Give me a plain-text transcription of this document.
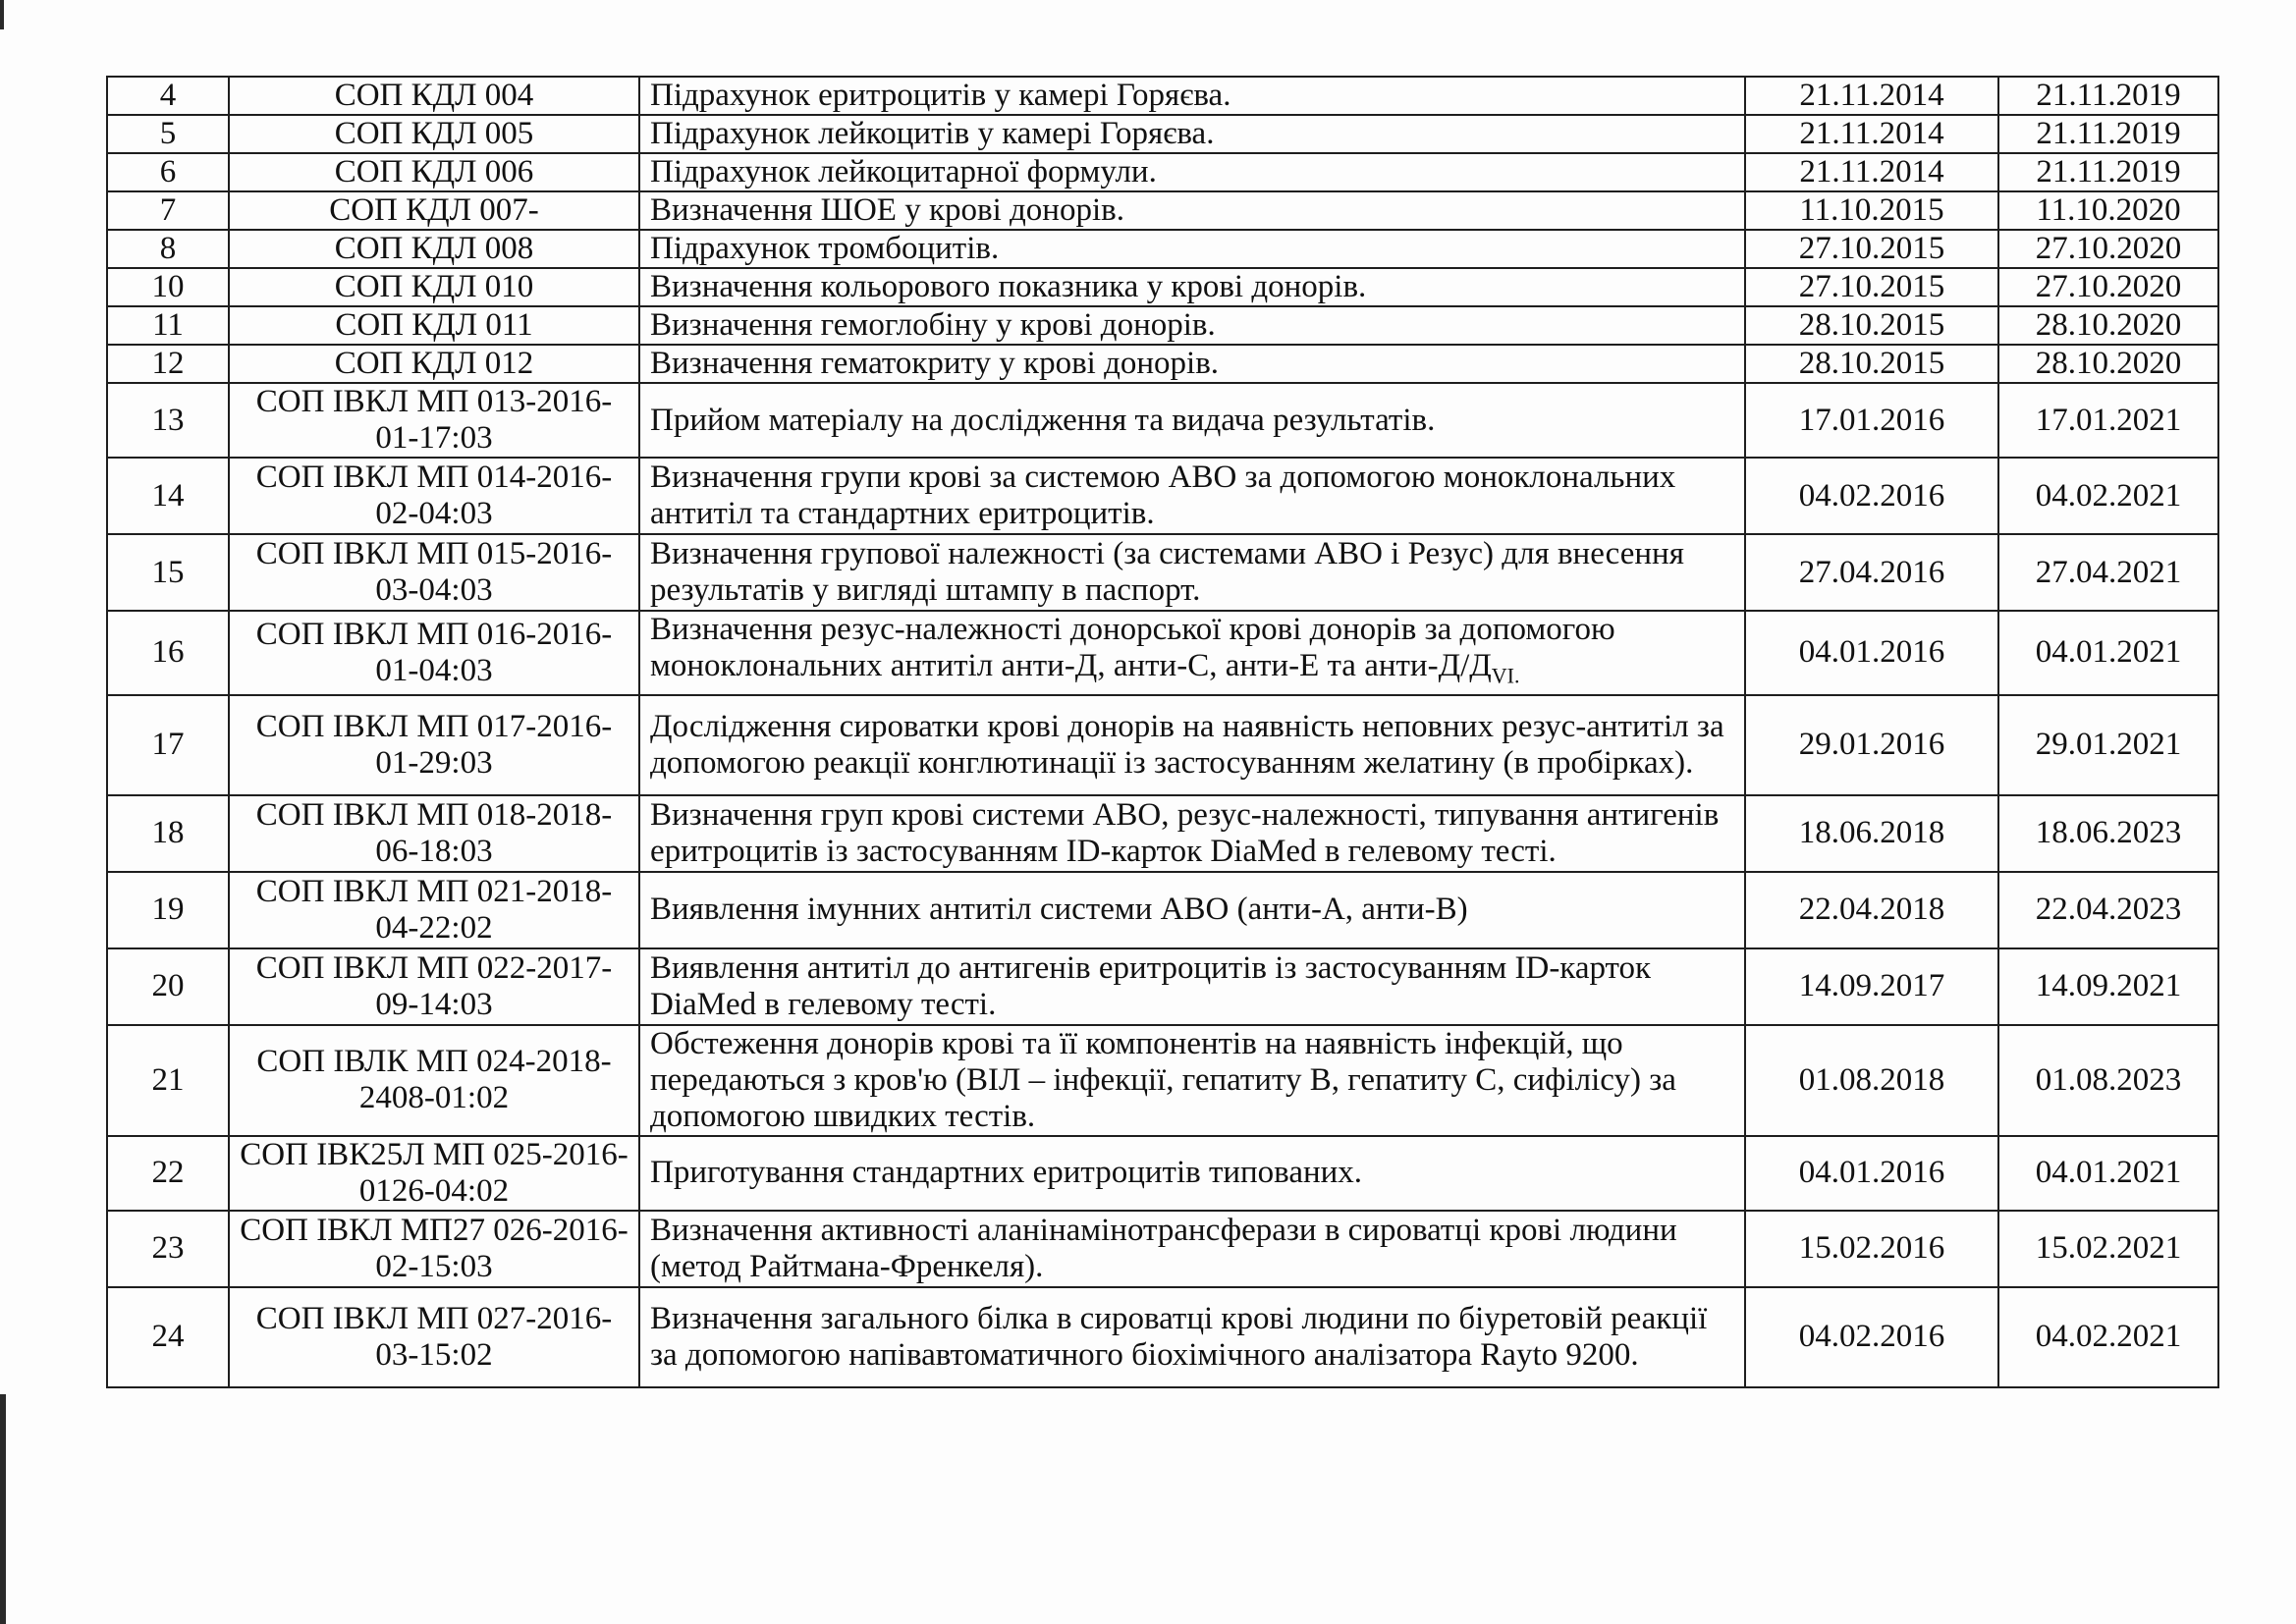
4	СОП КДЛ 004	Підрахунок еритроцитів у камері Горяєва.	21.11.2014	21.11.2019
5	СОП КДЛ 005	Підрахунок лейкоцитів у камері Горяєва.	21.11.2014	21.11.2019
6	СОП КДЛ 006	Підрахунок лейкоцитарної формули.	21.11.2014	21.11.2019
7	СОП КДЛ 007-	Визначення ШОЕ у крові донорів.	11.10.2015	11.10.2020
8	СОП КДЛ 008	Підрахунок тромбоцитів.	27.10.2015	27.10.2020
10	СОП КДЛ 010	Визначення кольорового показника у крові донорів.	27.10.2015	27.10.2020
11	СОП КДЛ 011	Визначення гемоглобіну у крові донорів.	28.10.2015	28.10.2020
12	СОП КДЛ 012	Визначення гематокриту у крові донорів.	28.10.2015	28.10.2020
13	СОП ІВКЛ МП 013-2016-01-17:03	Прийом матеріалу на дослідження та видача результатів.	17.01.2016	17.01.2021
14	СОП ІВКЛ МП 014-2016-02-04:03	Визначення групи крові за системою АВО за допомогою моноклональних антитіл та стандартних еритроцитів.	04.02.2016	04.02.2021
15	СОП ІВКЛ МП 015-2016-03-04:03	Визначення групової належності (за системами АВО і Резус) для внесення результатів у вигляді штампу в паспорт.	27.04.2016	27.04.2021
16	СОП ІВКЛ МП 016-2016-01-04:03	Визначення резус-належності донорської крові донорів за допомогою моноклональних антитіл анти-Д, анти-С, анти-Е та анти-$Д/Д_{VI.}$	04.01.2016	04.01.2021
17	СОП ІВКЛ МП 017-2016-01-29:03	Дослідження сироватки крові донорів на наявність неповних резус-антитіл за допомогою реакції конглютинації із застосуванням желатину (в пробірках).	29.01.2016	29.01.2021
18	СОП ІВКЛ МП 018-2018-06-18:03	Визначення груп крові системи АВО, резус-належності, типування антигенів еритроцитів із застосуванням ID-карток DiaMed в гелевому тесті.	18.06.2018	18.06.2023
19	СОП ІВКЛ МП 021-2018-04-22:02	Виявлення імунних антитіл системи АВО (анти-А, анти-В)	22.04.2018	22.04.2023
20	СОП ІВКЛ МП 022-2017-09-14:03	Виявлення антитіл до антигенів еритроцитів із застосуванням ID-карток DiaMed в гелевому тесті.	14.09.2017	14.09.2021
21	СОП ІВЛК МП 024-2018-2408-01:02	Обстеження донорів крові та її компонентів на наявність інфекцій, що передаються з кров'ю (ВІЛ – інфекції, гепатиту В, гепатиту С, сифілісу) за допомогою швидких тестів.	01.08.2018	01.08.2023
22	СОП ІВК25Л МП 025-2016-0126-04:02	Приготування стандартних еритроцитів типованих.	04.01.2016	04.01.2021
23	СОП ІВКЛ МП27 026-2016-02-15:03	Визначення активності аланінамінотрансферази в сироватці крові людини (метод Райтмана-Френкеля).	15.02.2016	15.02.2021
24	СОП ІВКЛ МП 027-2016-03-15:02	Визначення загального білка в сироватці крові людини по біуретовій реакції за допомогою напівавтоматичного біохімічного аналізатора Rayto 9200.	04.02.2016	04.02.2021
